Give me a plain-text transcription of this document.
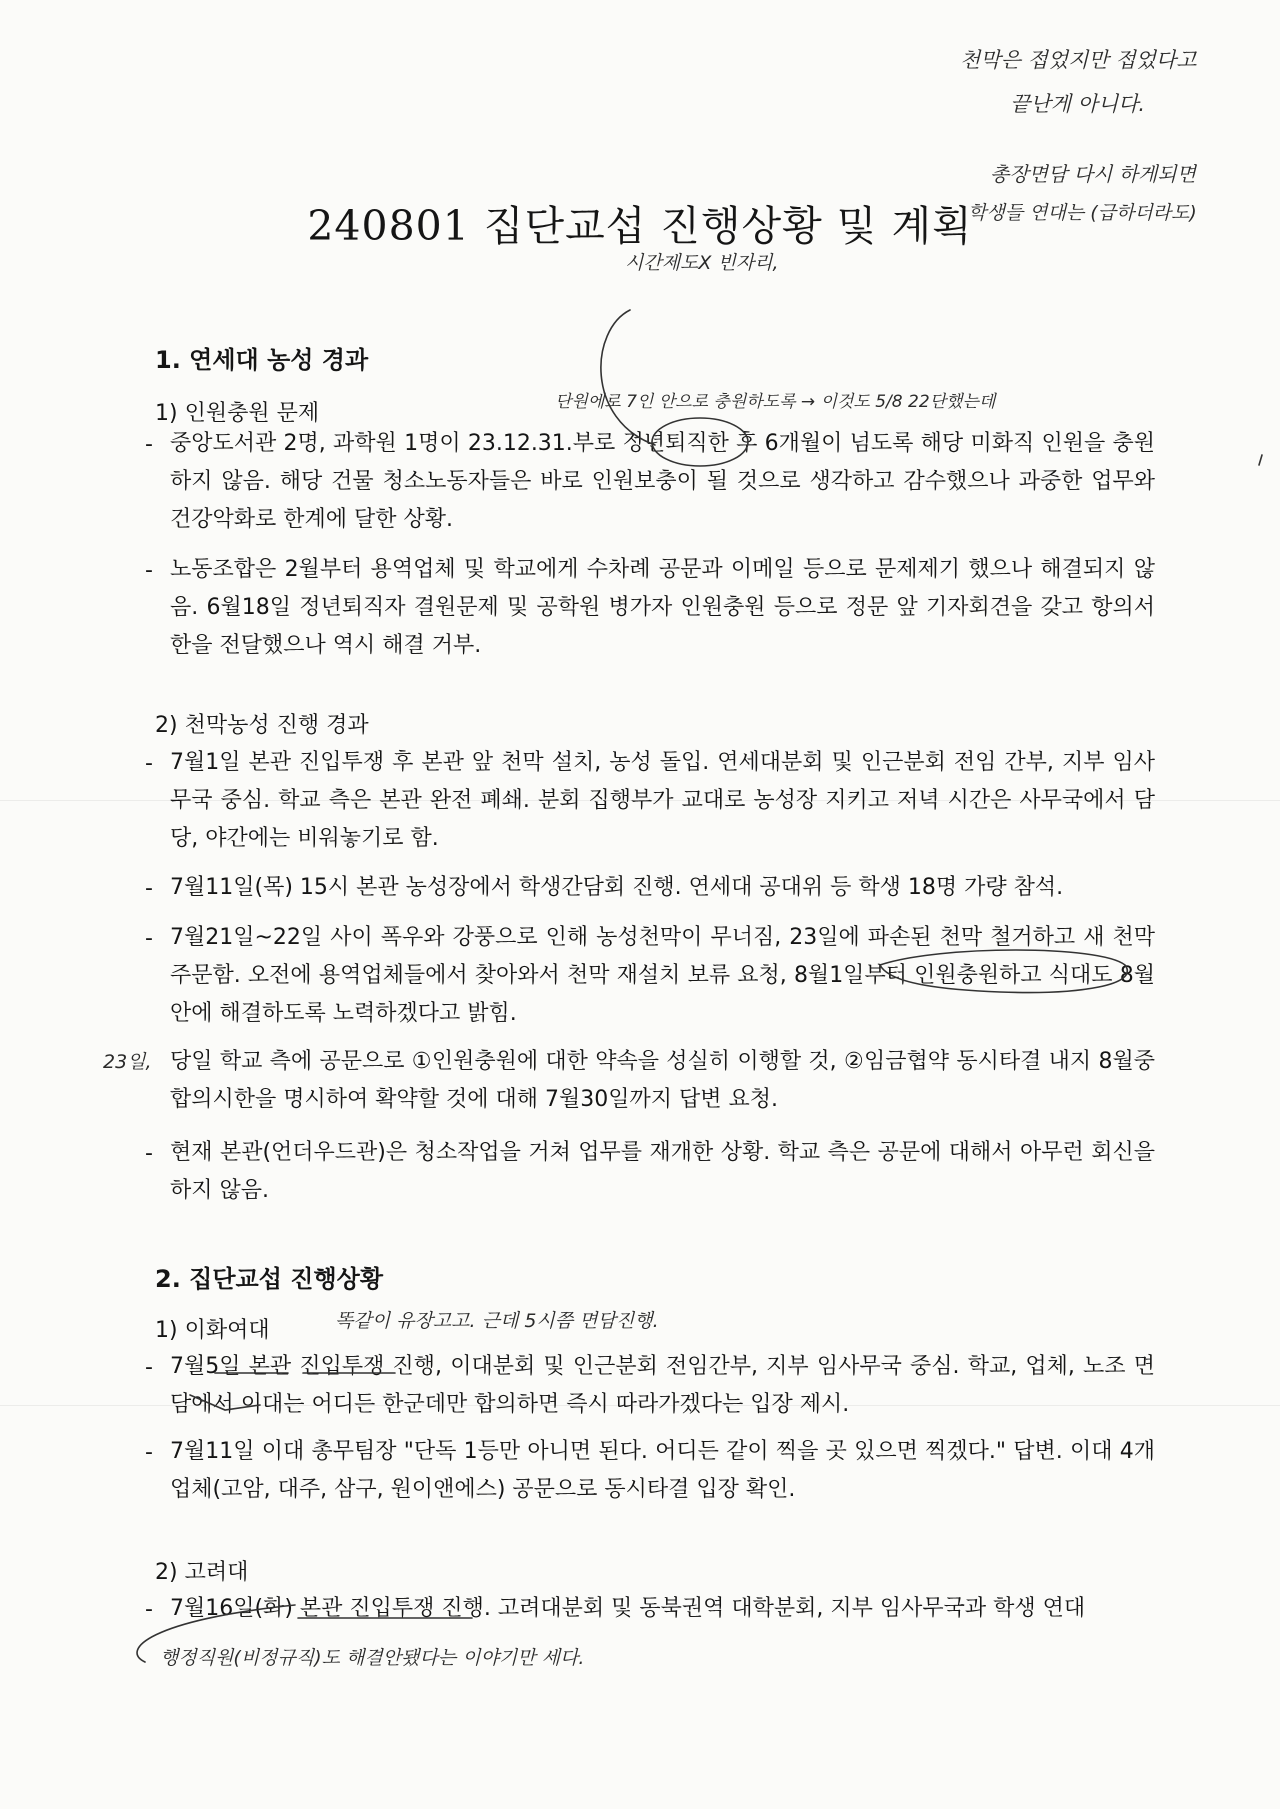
240801 집단교섭 진행상황 및 계획
1. 연세대 농성 경과
1) 인원충원 문제
- 중앙도서관 2명, 과학원 1명이 23.12.31.부로 정년퇴직한 후 6개월이 넘도록 해당 미화직 인원을 충원하지 않음. 해당 건물 청소노동자들은 바로 인원보충이 될 것으로 생각하고 감수했으나 과중한 업무와 건강악화로 한계에 달한 상황.
- 노동조합은 2월부터 용역업체 및 학교에게 수차례 공문과 이메일 등으로 문제제기 했으나 해결되지 않음. 6월18일 정년퇴직자 결원문제 및 공학원 병가자 인원충원 등으로 정문 앞 기자회견을 갖고 항의서한을 전달했으나 역시 해결 거부.
2) 천막농성 진행 경과
- 7월1일 본관 진입투쟁 후 본관 앞 천막 설치, 농성 돌입. 연세대분회 및 인근분회 전임 간부, 지부 임사무국 중심. 학교 측은 본관 완전 폐쇄. 분회 집행부가 교대로 농성장 지키고 저녁 시간은 사무국에서 담당, 야간에는 비워놓기로 함.
- 7월11일(목) 15시 본관 농성장에서 학생간담회 진행. 연세대 공대위 등 학생 18명 가량 참석.
- 7월21일~22일 사이 폭우와 강풍으로 인해 농성천막이 무너짐, 23일에 파손된 천막 철거하고 새 천막 주문함. 오전에 용역업체들에서 찾아와서 천막 재설치 보류 요청, 8월1일부터 인원충원하고 식대도 8월 안에 해결하도록 노력하겠다고 밝힘.
당일 학교 측에 공문으로 ①인원충원에 대한 약속을 성실히 이행할 것, ②임금협약 동시타결 내지 8월중 합의시한을 명시하여 확약할 것에 대해 7월30일까지 답변 요청.
- 현재 본관(언더우드관)은 청소작업을 거쳐 업무를 재개한 상황. 학교 측은 공문에 대해서 아무런 회신을 하지 않음.
2. 집단교섭 진행상황
1) 이화여대
- 7월5일 본관 진입투쟁 진행, 이대분회 및 인근분회 전임간부, 지부 임사무국 중심. 학교, 업체, 노조 면담에서 이대는 어디든 한군데만 합의하면 즉시 따라가겠다는 입장 제시.
- 7월11일 이대 총무팀장 "단독 1등만 아니면 된다. 어디든 같이 찍을 곳 있으면 찍겠다." 답변. 이대 4개 업체(고암, 대주, 삼구, 원이앤에스) 공문으로 동시타결 입장 확인.
2) 고려대
- 7월16일(화) 본관 진입투쟁 진행. 고려대분회 및 동북권역 대학분회, 지부 임사무국과 학생 연대
천막은 접었지만 접었다고
끝난게 아니다.
총장면담 다시 하게되면
학생들 연대는 (급하더라도)
시간제도X 빈자리,
단원에로 7인 안으로 충원하도록 → 이것도 5/8 22단했는데
23일,
똑같이 유장고고. 근데 5시쯤 면담진행.
행정직원(비정규직)도 해결안됐다는 이야기만 세다.
